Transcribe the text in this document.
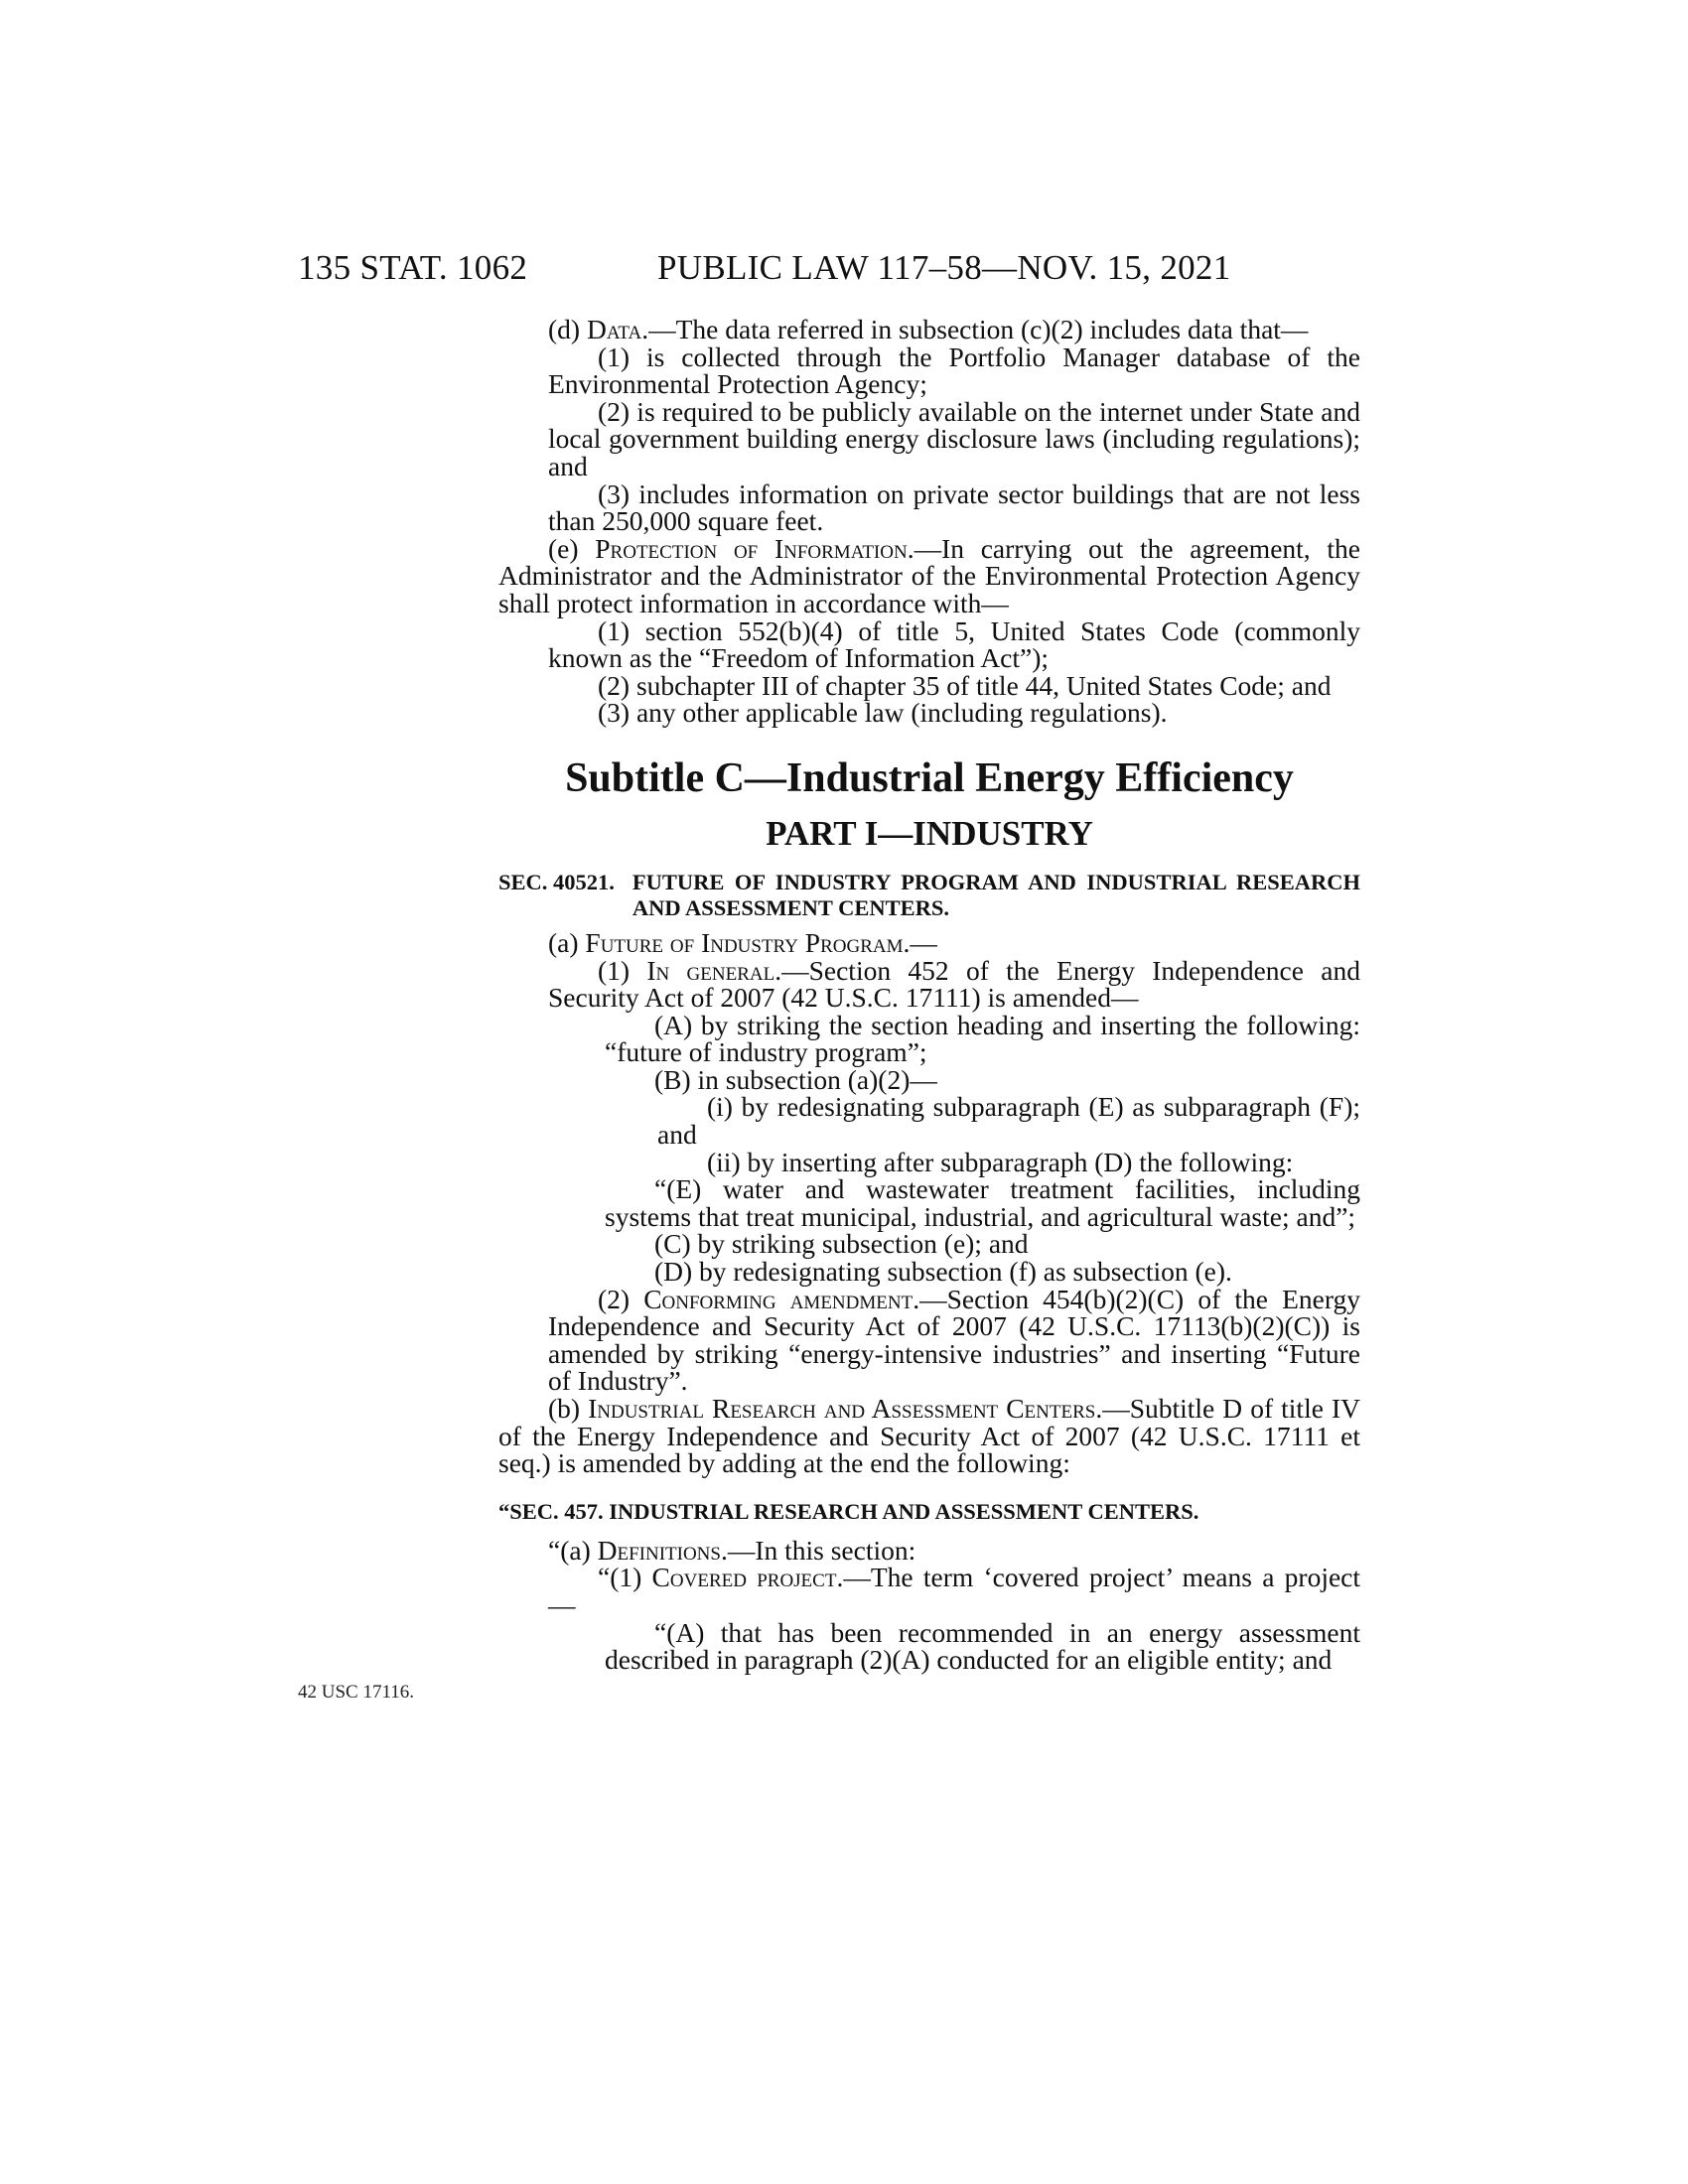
135 STAT. 1062	PUBLIC LAW 117–58—NOV. 15, 2021
42 USC 17116.

(d) Data.—The data referred in subsection (c)(2) includes data that—

(1) is collected through the Portfolio Manager database of the Environmental Protection Agency;

(2) is required to be publicly available on the internet under State and local government building energy disclosure laws (including regulations); and

(3) includes information on private sector buildings that are not less than 250,000 square feet.

(e) Protection of Information.—In carrying out the agreement, the Administrator and the Administrator of the Environmental Protection Agency shall protect information in accordance with—

(1) section 552(b)(4) of title 5, United States Code (commonly known as the “Freedom of Information Act”);

(2) subchapter III of chapter 35 of title 44, United States Code; and

(3) any other applicable law (including regulations).

Subtitle C—Industrial Energy Efficiency

PART I—INDUSTRY

SEC. 40521. FUTURE OF INDUSTRY PROGRAM AND INDUSTRIAL RESEARCH AND ASSESSMENT CENTERS.

(a) Future of Industry Program.—

(1) In general.—Section 452 of the Energy Independence and Security Act of 2007 (42 U.S.C. 17111) is amended—

(A) by striking the section heading and inserting the following: “future of industry program”;

(B) in subsection (a)(2)—

(i) by redesignating subparagraph (E) as subparagraph (F); and

(ii) by inserting after subparagraph (D) the following:

“(E) water and wastewater treatment facilities, including systems that treat municipal, industrial, and agricultural waste; and”;

(C) by striking subsection (e); and

(D) by redesignating subsection (f) as subsection (e).

(2) Conforming amendment.—Section 454(b)(2)(C) of the Energy Independence and Security Act of 2007 (42 U.S.C. 17113(b)(2)(C)) is amended by striking “energy-intensive industries” and inserting “Future of Industry”.

(b) Industrial Research and Assessment Centers.—Subtitle D of title IV of the Energy Independence and Security Act of 2007 (42 U.S.C. 17111 et seq.) is amended by adding at the end the following:

“SEC. 457. INDUSTRIAL RESEARCH AND ASSESSMENT CENTERS.

“(a) Definitions.—In this section:

“(1) Covered project.—The term ‘covered project’ means a project—

“(A) that has been recommended in an energy assessment described in paragraph (2)(A) conducted for an eligible entity; and
